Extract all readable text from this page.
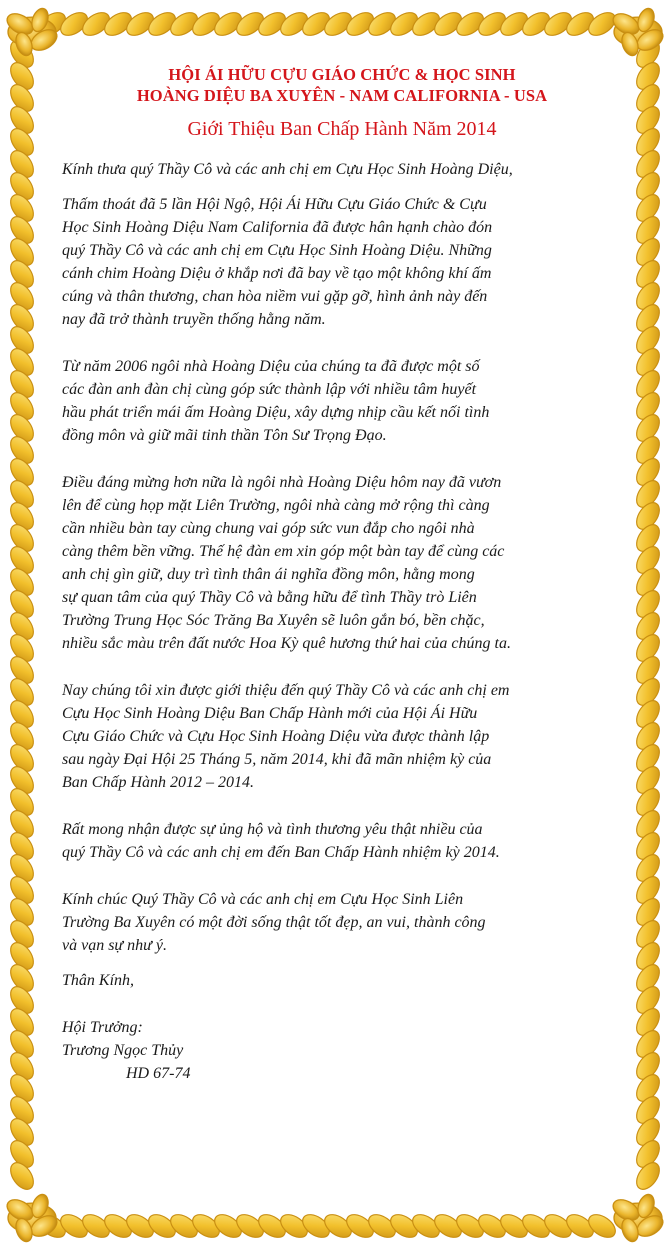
HỘI ÁI HỮU CỰU GIÁO CHỨC & HỌC SINH
HOÀNG DIỆU BA XUYÊN - NAM CALIFORNIA - USA
Giới Thiệu Ban Chấp Hành Năm 2014

Kính thưa quý Thầy Cô và các anh chị em Cựu Học Sinh Hoàng Diệu,

Thấm thoát đã 5 lần Hội Ngộ, Hội Ái Hữu Cựu Giáo Chức & Cựu

Học Sinh Hoàng Diệu Nam California đã được hân hạnh chào đón

quý Thầy Cô và các anh chị em Cựu Học Sinh Hoàng Diệu. Những

cánh chim Hoàng Diệu ở khắp nơi đã bay về tạo một không khí ấm

cúng và thân thương, chan hòa niềm vui gặp gỡ, hình ảnh này đến

nay đã trở thành truyền thống hằng năm.

Từ năm 2006 ngôi nhà Hoàng Diệu của chúng ta đã được một số

các đàn anh đàn chị cùng góp sức thành lập với nhiều tâm huyết

hầu phát triển mái ấm Hoàng Diệu, xây dựng nhịp cầu kết nối tình

đồng môn và giữ mãi tinh thần Tôn Sư Trọng Đạo.

Điều đáng mừng hơn nữa là ngôi nhà Hoàng Diệu hôm nay đã vươn

lên để cùng họp mặt Liên Trường, ngôi nhà càng mở rộng thì càng

cần nhiều bàn tay cùng chung vai góp sức vun đắp cho ngôi nhà

càng thêm bền vững. Thế hệ đàn em xin góp một bàn tay để cùng các

anh chị gìn giữ, duy trì tình thân ái nghĩa đồng môn, hằng mong

sự quan tâm của quý Thầy Cô và bằng hữu để tình Thầy trò Liên

Trường Trung Học Sóc Trăng Ba Xuyên sẽ luôn gắn bó, bền chặc,

nhiều sắc màu trên đất nước Hoa Kỳ quê hương thứ hai của chúng ta.

Nay chúng tôi xin được giới thiệu đến quý Thầy Cô và các anh chị em

Cựu Học Sinh Hoàng Diệu Ban Chấp Hành mới của Hội Ái Hữu

Cựu Giáo Chức và Cựu Học Sinh Hoàng Diệu vừa được thành lập

sau ngày Đại Hội 25 Tháng 5, năm 2014, khi đã mãn nhiệm kỳ của

Ban Chấp Hành 2012 – 2014.

Rất mong nhận được sự ủng hộ và tình thương yêu thật nhiều của

quý Thầy Cô và các anh chị em đến Ban Chấp Hành nhiệm kỳ 2014.

Kính chúc Quý Thầy Cô và các anh chị em Cựu Học Sinh Liên

Trường Ba Xuyên có một đời sống thật tốt đẹp, an vui, thành công

và vạn sự như ý.

Thân Kính,

Hội Trưởng:

Trương Ngọc Thủy

HD 67-74
